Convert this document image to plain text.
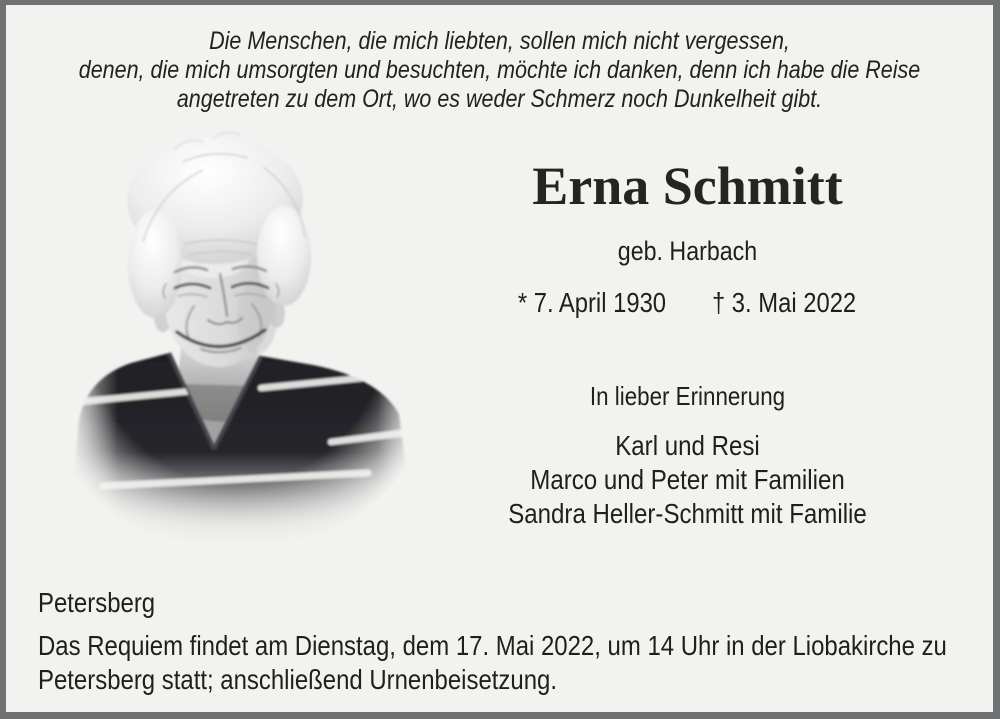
Die Menschen, die mich liebten, sollen mich nicht vergessen,
denen, die mich umsorgten und besuchten, möchte ich danken, denn ich habe die Reise
angetreten zu dem Ort, wo es weder Schmerz noch Dunkelheit gibt.
Erna Schmitt
geb. Harbach
* 7. April 1930 † 3. Mai 2022
In lieber Erinnerung
Karl und Resi
Marco und Peter mit Familien
Sandra Heller-Schmitt mit Familie
Petersberg
Das Requiem findet am Dienstag, dem 17. Mai 2022, um 14 Uhr in der Liobakirche zu
Petersberg statt; anschließend Urnenbeisetzung.
